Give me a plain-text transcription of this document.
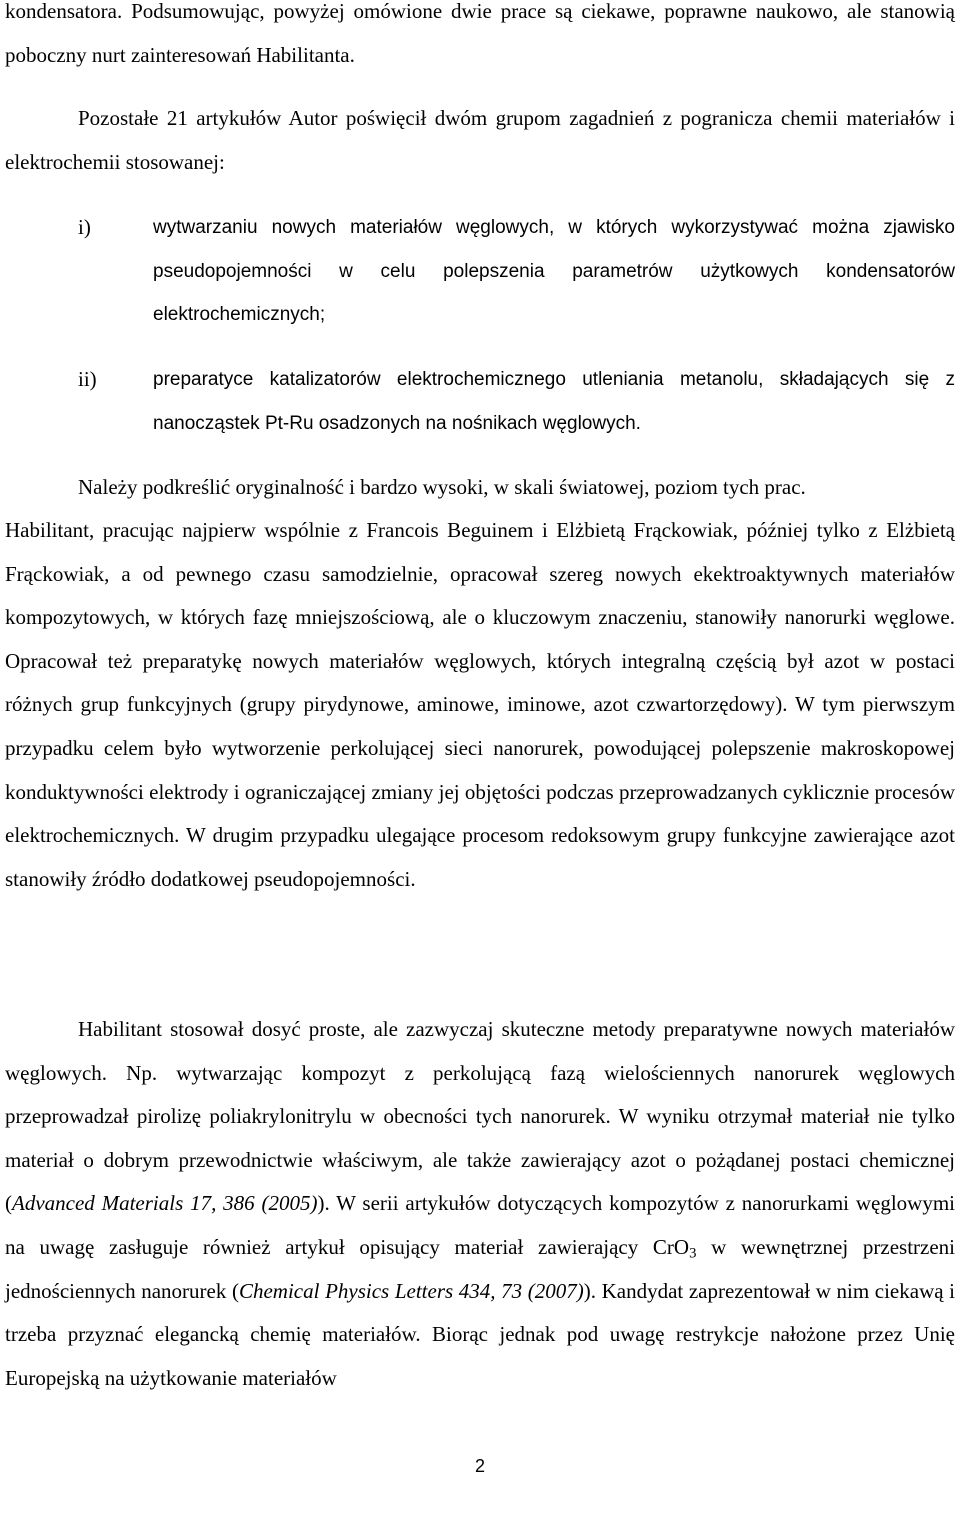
kondensatora. Podsumowując, powyżej omówione dwie prace są ciekawe, poprawne naukowo, ale stanowią poboczny nurt zainteresowań Habilitanta.

Pozostałe 21 artykułów Autor poświęcił dwóm grupom zagadnień z pogranicza chemii materiałów i elektrochemii stosowanej:

i)	wytwarzaniu nowych materiałów węglowych, w których wykorzystywać można zjawisko pseudopojemności w celu polepszenia parametrów użytkowych kondensatorów elektrochemicznych;
ii)	preparatyce katalizatorów elektrochemicznego utleniania metanolu, składających się z nanocząstek Pt-Ru osadzonych na nośnikach węglowych.

Należy podkreślić oryginalność i bardzo wysoki, w skali światowej, poziom tych prac.

Habilitant, pracując najpierw wspólnie z Francois Beguinem i Elżbietą Frąckowiak, później tylko z Elżbietą Frąckowiak, a od pewnego czasu samodzielnie, opracował szereg nowych ekektroaktywnych materiałów kompozytowych, w których fazę mniejszościową, ale o kluczowym znaczeniu, stanowiły nanorurki węglowe. Opracował też preparatykę nowych materiałów węglowych, których integralną częścią był azot w postaci różnych grup funkcyjnych (grupy pirydynowe, aminowe, iminowe, azot czwartorzędowy). W tym pierwszym przypadku celem było wytworzenie perkolującej sieci nanorurek, powodującej polepszenie makroskopowej konduktywności elektrody i ograniczającej zmiany jej objętości podczas przeprowadzanych cyklicznie procesów elektrochemicznych. W drugim przypadku ulegające procesom redoksowym grupy funkcyjne zawierające azot stanowiły źródło dodatkowej pseudopojemności.

Habilitant stosował dosyć proste, ale zazwyczaj skuteczne metody preparatywne nowych materiałów węglowych. Np. wytwarzając kompozyt z perkolującą fazą wielościennych nanorurek węglowych przeprowadzał pirolizę poliakrylonitrylu w obecności tych nanorurek. W wyniku otrzymał materiał nie tylko materiał o dobrym przewodnictwie właściwym, ale także zawierający azot o pożądanej postaci chemicznej (Advanced Materials 17, 386 (2005)). W serii artykułów dotyczących kompozytów z nanorurkami węglowymi na uwagę zasługuje również artykuł opisujący materiał zawierający CrO$_3$ w wewnętrznej przestrzeni jednościennych nanorurek (Chemical Physics Letters 434, 73 (2007)). Kandydat zaprezentował w nim ciekawą i trzeba przyznać elegancką chemię materiałów. Biorąc jednak pod uwagę restrykcje nałożone przez Unię Europejską na użytkowanie materiałów

2
